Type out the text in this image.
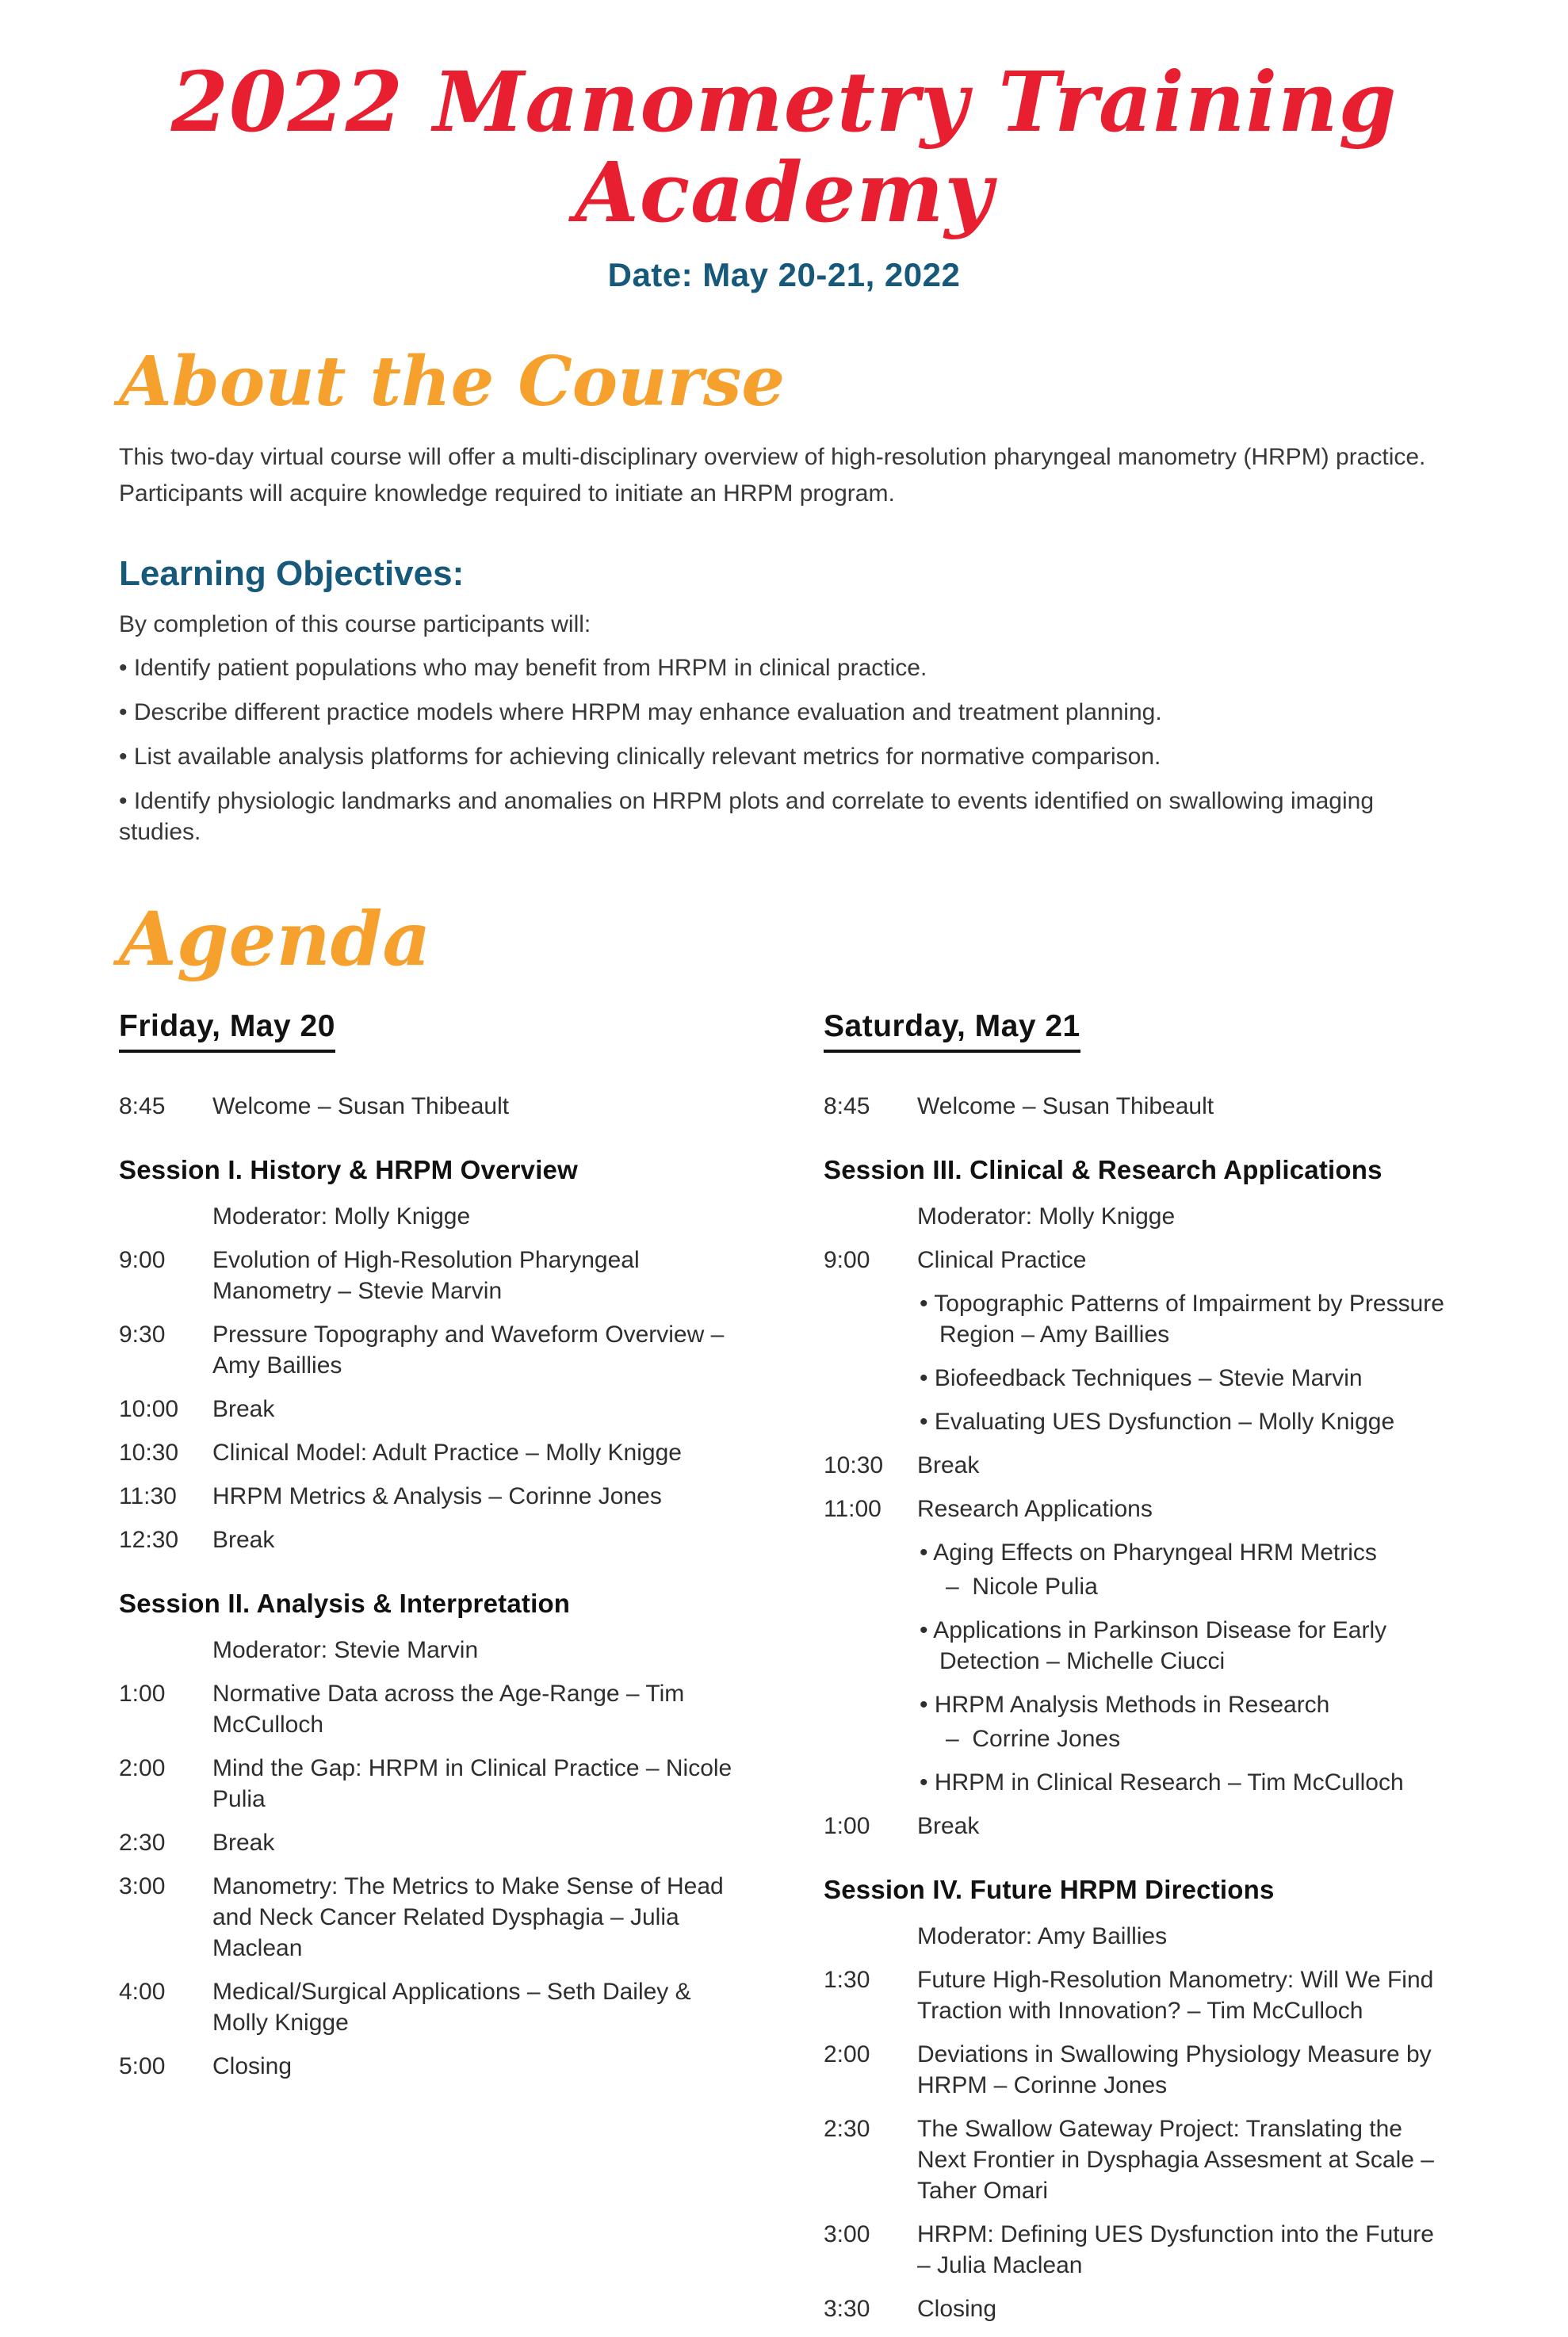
2022 Manometry Training Academy
Date: May 20-21, 2022
About the Course
This two-day virtual course will offer a multi-disciplinary overview of high-resolution pharyngeal manometry (HRPM) practice. Participants will acquire knowledge required to initiate an HRPM program.
Learning Objectives:
By completion of this course participants will:
• Identify patient populations who may benefit from HRPM in clinical practice.
• Describe different practice models where HRPM may enhance evaluation and treatment planning.
• List available analysis platforms for achieving clinically relevant metrics for normative comparison.
• Identify physiologic landmarks and anomalies on HRPM plots and correlate to events identified on swallowing imaging studies.
Agenda
Friday, May 20
8:45	Welcome – Susan Thibeault
Session I. History & HRPM Overview
Moderator: Molly Knigge
9:00	Evolution of High-Resolution Pharyngeal Manometry – Stevie Marvin
9:30	Pressure Topography and Waveform Overview – Amy Baillies
10:00	Break
10:30	Clinical Model: Adult Practice – Molly Knigge
11:30	HRPM Metrics & Analysis – Corinne Jones
12:30	Break
Session II. Analysis & Interpretation
Moderator: Stevie Marvin
1:00	Normative Data across the Age-Range – Tim McCulloch
2:00	Mind the Gap: HRPM in Clinical Practice – Nicole Pulia
2:30	Break
3:00	Manometry: The Metrics to Make Sense of Head and Neck Cancer Related Dysphagia – Julia Maclean
4:00	Medical/Surgical Applications – Seth Dailey & Molly Knigge
5:00	Closing
Saturday, May 21
8:45	Welcome – Susan Thibeault
Session III. Clinical & Research Applications
Moderator: Molly Knigge
9:00	Clinical Practice
• Topographic Patterns of Impairment by Pressure Region – Amy Baillies
• Biofeedback Techniques – Stevie Marvin
• Evaluating UES Dysfunction – Molly Knigge
10:30	Break
11:00	Research Applications
• Aging Effects on Pharyngeal HRM Metrics
–  Nicole Pulia
• Applications in Parkinson Disease for Early Detection – Michelle Ciucci
• HRPM Analysis Methods in Research
–  Corrine Jones
• HRPM in Clinical Research – Tim McCulloch
1:00	Break
Session IV. Future HRPM Directions
Moderator: Amy Baillies
1:30	Future High-Resolution Manometry: Will We Find Traction with Innovation? – Tim McCulloch
2:00	Deviations in Swallowing Physiology Measure by HRPM – Corinne Jones
2:30	The Swallow Gateway Project: Translating the Next Frontier in Dysphagia Assesment at Scale – Taher Omari
3:00	HRPM: Defining UES Dysfunction into the Future – Julia Maclean
3:30	Closing
